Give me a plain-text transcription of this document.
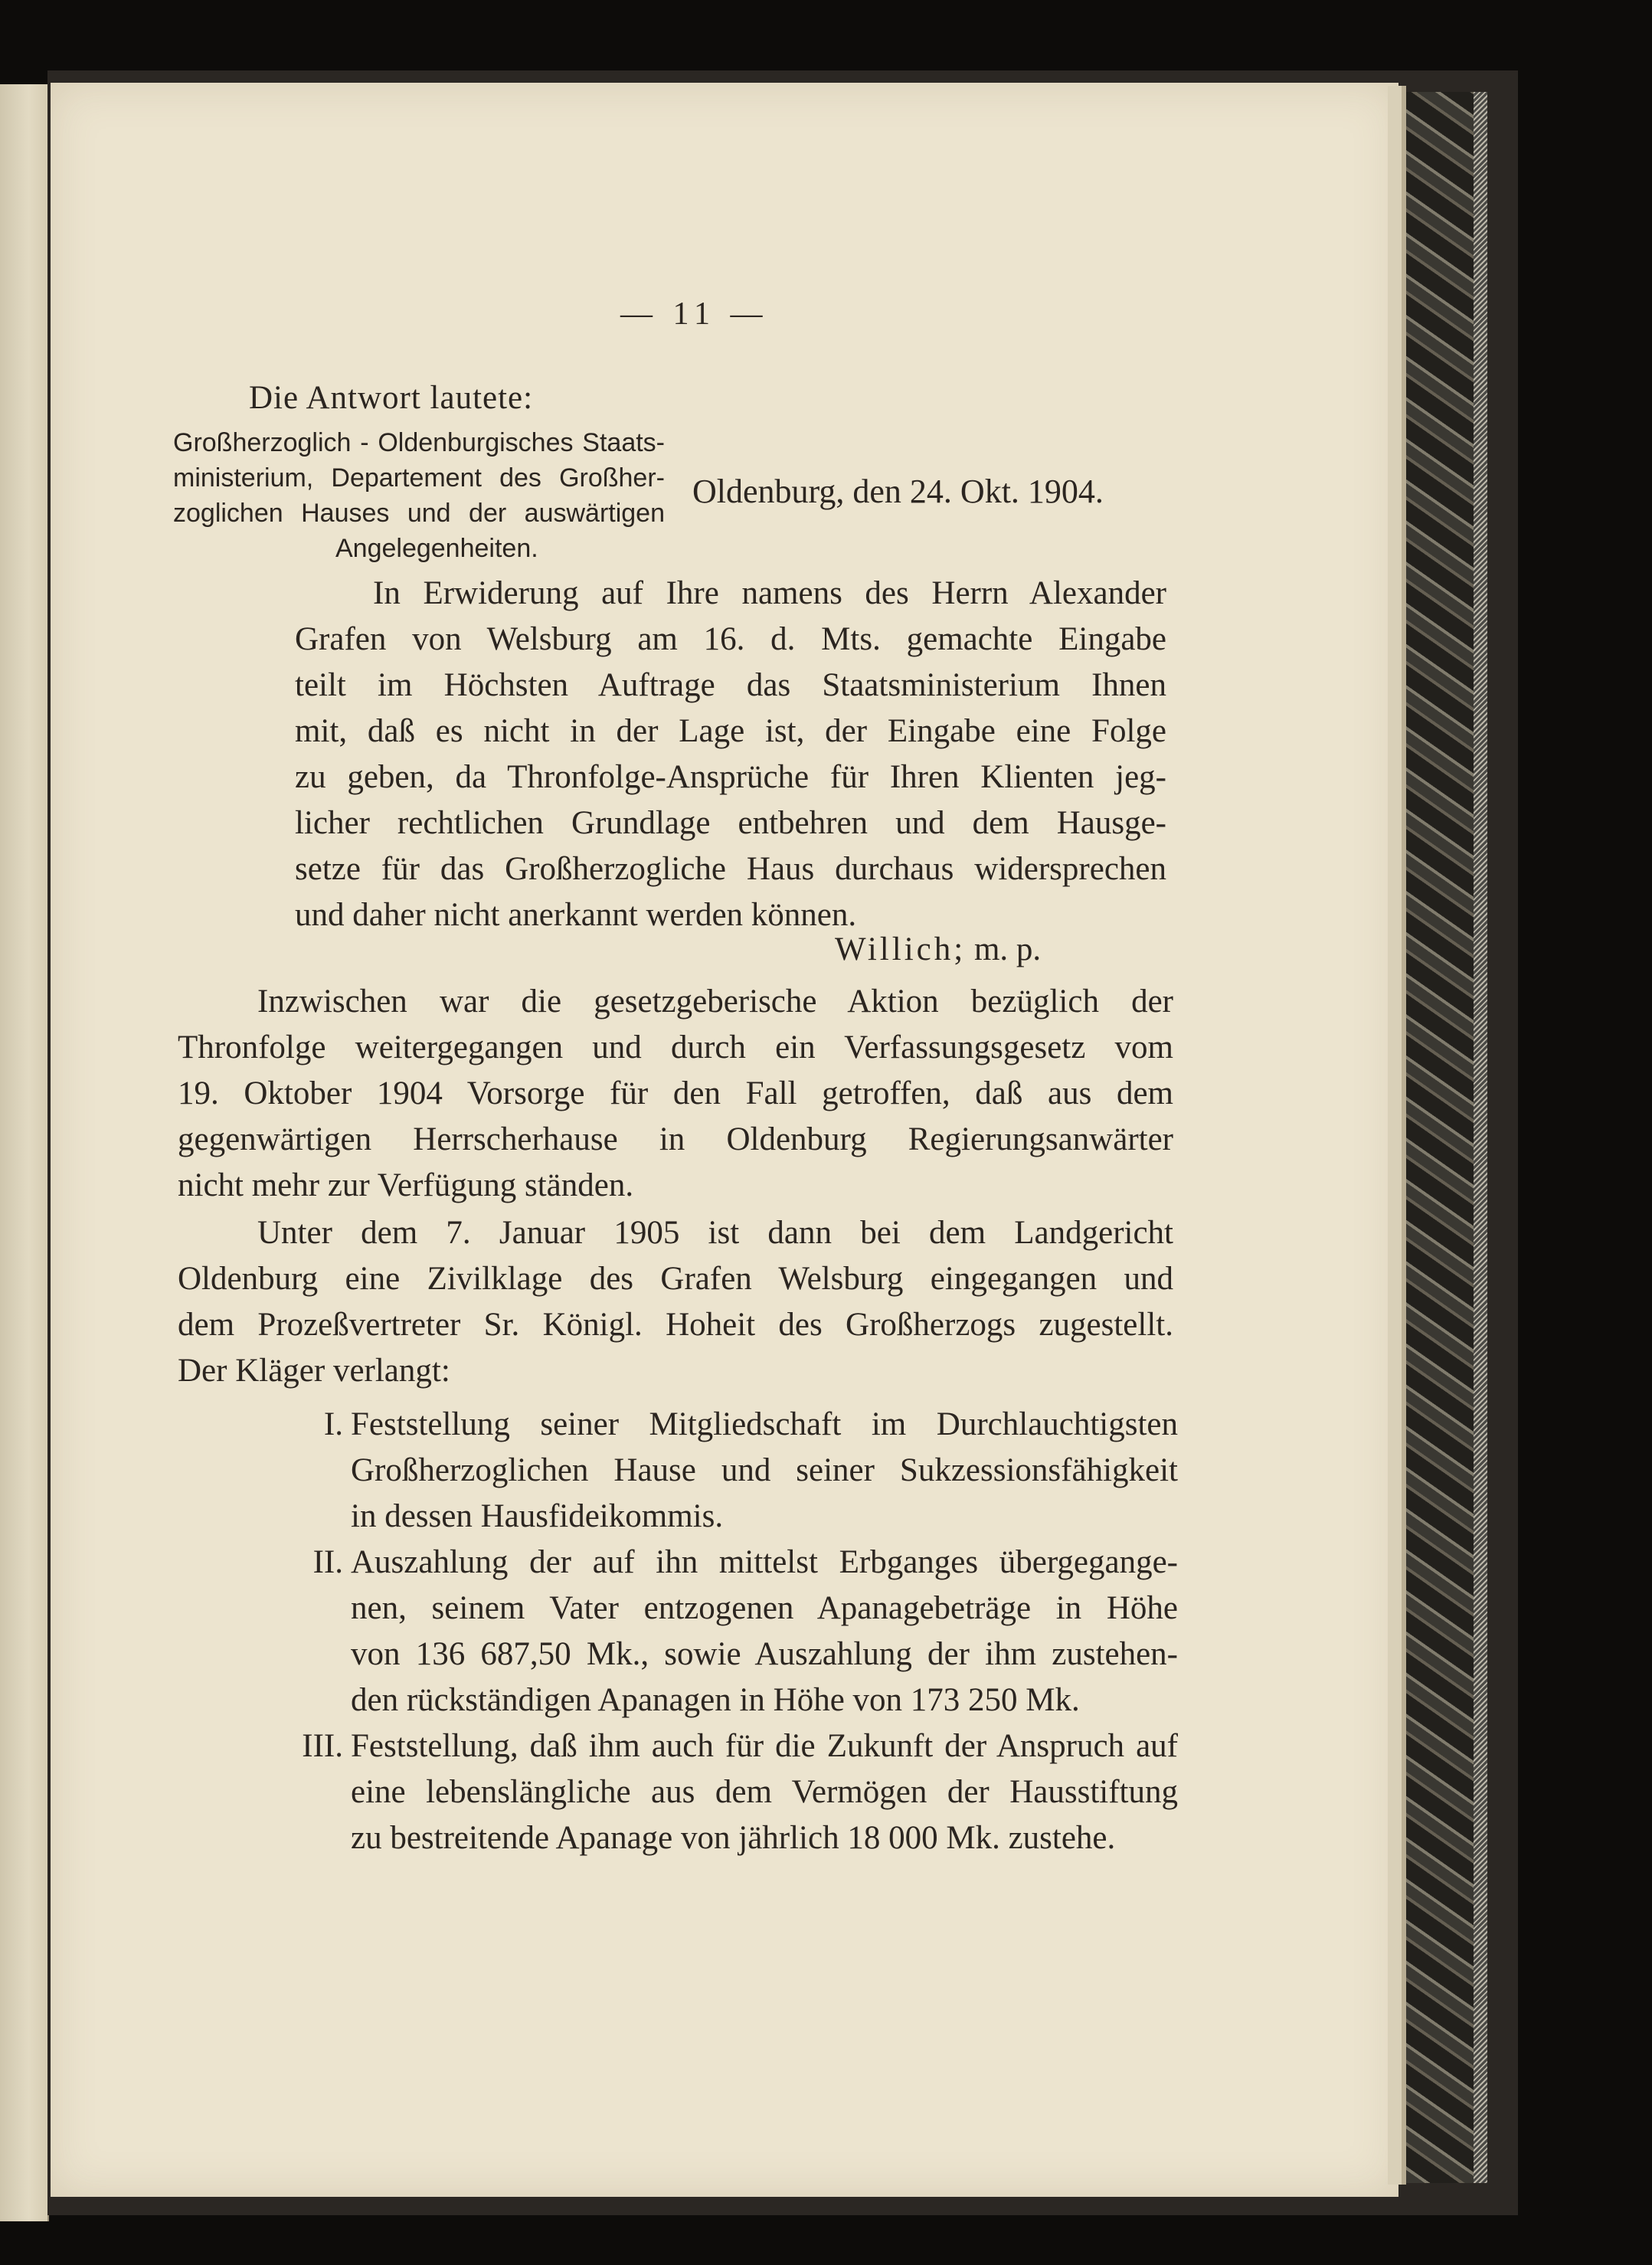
— 11 —
Die Antwort lautete:
Großherzoglich - Oldenburgisches Staats-
ministerium, Departement des Großher-
zoglichen Hauses und der auswärtigen
Angelegenheiten.
Oldenburg, den 24. Okt. 1904.
In Erwiderung auf Ihre namens des Herrn Alexander
Grafen von Welsburg am 16. d. Mts. gemachte Eingabe
teilt im Höchsten Auftrage das Staatsministerium Ihnen
mit, daß es nicht in der Lage ist, der Eingabe eine Folge
zu geben, da Thronfolge-Ansprüche für Ihren Klienten jeg-
licher rechtlichen Grundlage entbehren und dem Hausge-
setze für das Großherzogliche Haus durchaus widersprechen
und daher nicht anerkannt werden können.
Willich; m. p.
Inzwischen war die gesetzgeberische Aktion bezüglich der
Thronfolge weitergegangen und durch ein Verfassungsgesetz vom
19. Oktober 1904 Vorsorge für den Fall getroffen, daß aus dem
gegenwärtigen Herrscherhause in Oldenburg Regierungsanwärter
nicht mehr zur Verfügung ständen.
Unter dem 7. Januar 1905 ist dann bei dem Landgericht
Oldenburg eine Zivilklage des Grafen Welsburg eingegangen und
dem Prozeßvertreter Sr. Königl. Hoheit des Großherzogs zugestellt.
Der Kläger verlangt:
I. Feststellung seiner Mitgliedschaft im Durchlauchtigsten
Großherzoglichen Hause und seiner Sukzessionsfähigkeit
in dessen Hausfideikommis.
II. Auszahlung der auf ihn mittelst Erbganges übergegange-
nen, seinem Vater entzogenen Apanagebeträge in Höhe
von 136 687,50 Mk., sowie Auszahlung der ihm zustehen-
den rückständigen Apanagen in Höhe von 173 250 Mk.
III. Feststellung, daß ihm auch für die Zukunft der Anspruch auf
eine lebenslängliche aus dem Vermögen der Hausstiftung
zu bestreitende Apanage von jährlich 18 000 Mk. zustehe.
